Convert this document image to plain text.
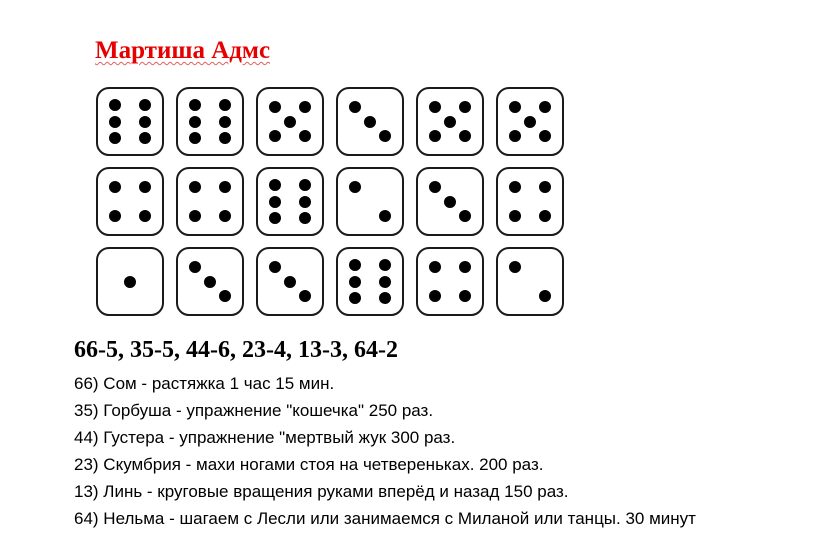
Мартиша Адмс
66-5, 35-5, 44-6, 23-4, 13-3, 64-2
66) Сом - растяжка 1 час 15 мин.
35) Горбуша - упражнение "кошечка" 250 раз.
44) Густера - упражнение "мертвый жук 300 раз.
23) Скумбрия - махи ногами стоя на четвереньках. 200 раз.
13) Линь - круговые вращения руками вперёд и назад 150 раз.
64) Нельма - шагаем с Лесли или занимаемся с Миланой или танцы. 30 минут
